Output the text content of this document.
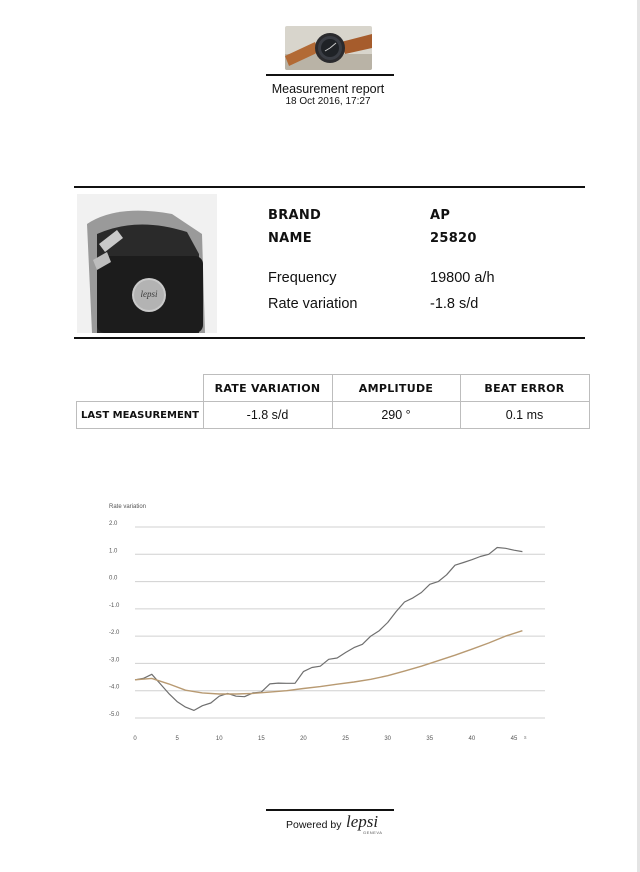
Measurement report
18 Oct 2016, 17:27
lepsi
BRAND	AP
NAME	25820
Frequency	19800 a/h
Rate variation	-1.8 s/d
	RATE VARIATION	AMPLITUDE	BEAT ERROR
LAST MEASUREMENT	-1.8 s/d	290 °	0.1 ms
Rate variation
s
2.0
1.0
0.0
-1.0
-2.0
-3.0
-4.0
-5.0
0	5	10	15	20	25	30	35	40	45
Powered by lepsi
GENEVA
